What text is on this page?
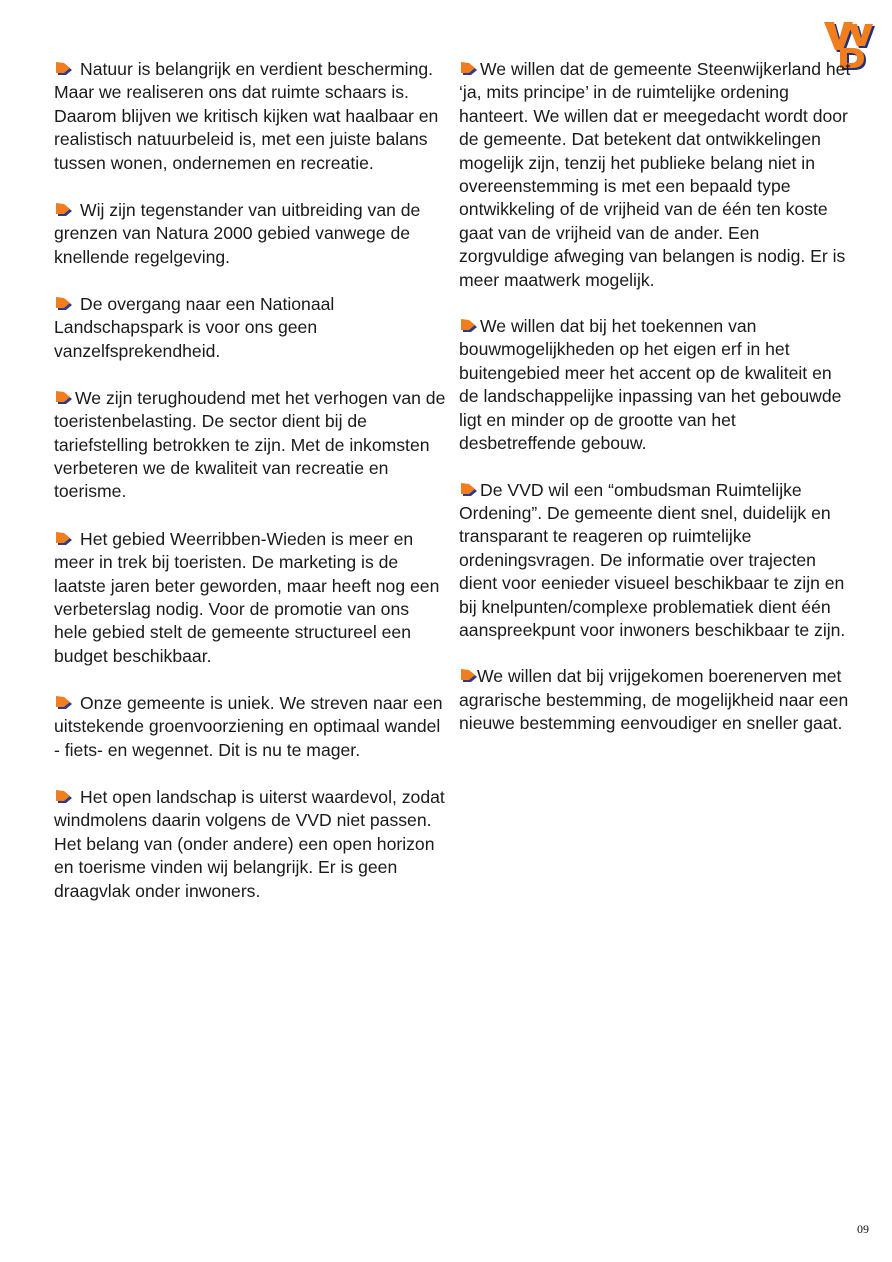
Natuur is belangrijk en verdient bescherming. Maar we realiseren ons dat ruimte schaars is. Daarom blijven we kritisch kijken wat haalbaar en realistisch natuurbeleid is, met een juiste balans tussen wonen, ondernemen en recreatie.

Wij zijn tegenstander van uitbreiding van de grenzen van Natura 2000 gebied vanwege de knellende regelgeving.

De overgang naar een Nationaal Landschapspark is voor ons geen vanzelfsprekendheid.

We zijn terughoudend met het verhogen van de toeristenbelasting. De sector dient bij de tariefstelling betrokken te zijn. Met de inkomsten verbeteren we de kwaliteit van recreatie en toerisme.

Het gebied Weerribben-Wieden is meer en meer in trek bij toeristen. De marketing is de laatste jaren beter geworden, maar heeft nog een verbeterslag nodig. Voor de promotie van ons hele gebied stelt de gemeente structureel een budget beschikbaar.

Onze gemeente is uniek. We streven naar een uitstekende groenvoorziening en optimaal wandel - fiets- en wegennet. Dit is nu te mager.

Het open landschap is uiterst waardevol, zodat windmolens daarin volgens de VVD niet passen. Het belang van (onder andere) een open horizon en toerisme vinden wij belangrijk. Er is geen draagvlak onder inwoners.

We willen dat de gemeente Steenwijkerland het ‘ja, mits principe’ in de ruimtelijke ordening hanteert. We willen dat er meegedacht wordt door de gemeente. Dat betekent dat ontwikkelingen mogelijk zijn, tenzij het publieke belang niet in overeenstemming is met een bepaald type ontwikkeling of de vrijheid van de één ten koste gaat van de vrijheid van de ander. Een zorgvuldige afweging van belangen is nodig. Er is meer maatwerk mogelijk.

We willen dat bij het toekennen van bouwmogelijkheden op het eigen erf in het buitengebied meer het accent op de kwaliteit en de landschappelijke inpassing van het gebouwde ligt en minder op de grootte van het desbetreffende gebouw.

De VVD wil een “ombudsman Ruimtelijke Ordening”. De gemeente dient snel, duidelijk en transparant te reageren op ruimtelijke ordeningsvragen. De informatie over trajecten dient voor eenieder visueel beschikbaar te zijn en bij knelpunten/complexe problematiek dient één aanspreekpunt voor inwoners beschikbaar te zijn.

We willen dat bij vrijgekomen boerenerven met agrarische bestemming, de mogelijkheid naar een nieuwe bestemming eenvoudiger en sneller gaat.

09
